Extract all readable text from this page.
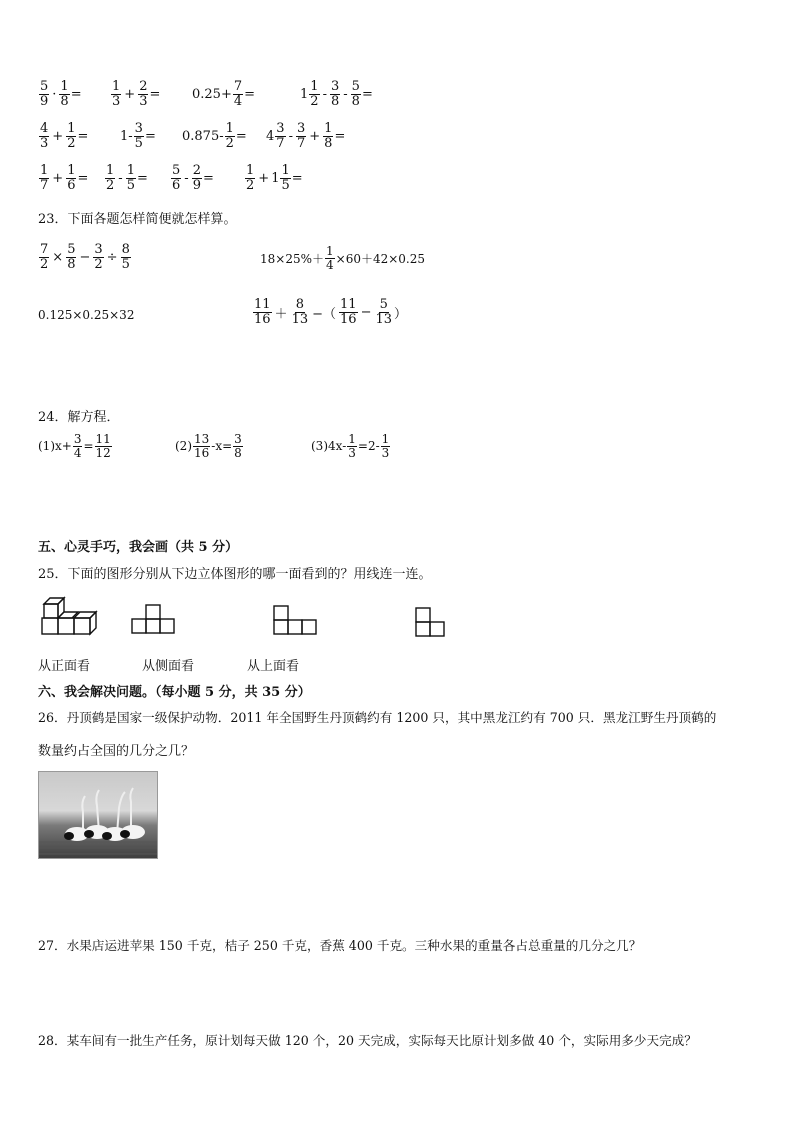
$\frac{5}{9} \cdot \frac{1}{8} = \frac{1}{3} + \frac{2}{3} = 0.25+ \frac{7}{4}$ =	$1 \frac{1}{2} - \frac{3}{8} - \frac{5}{8}$ =
$\frac{4}{3} + \frac{1}{2} = 1- \frac{3}{5} = 0.875- \frac{1}{2} = 4 \frac{3}{7} - \frac{3}{7} + \frac{1}{8}$ =
$\frac{1}{7} + \frac{1}{6} = \frac{1}{2} - \frac{1}{5} = \frac{5}{6} - \frac{2}{9} = \frac{1}{2} + 1 \frac{1}{5}$ =
23．下面各题怎样简便就怎样算。
$\frac{7}{2} \times \frac{5}{8} - \frac{3}{2} \div \frac{8}{5}$	$18\times 25\%+ \frac{1}{4} \times 60+42\times 0.25$
0.125×0.25×32	$\frac{11}{16} + \frac{8}{13}$ −（ $\frac{11}{16} - \frac{5}{13}$ ）
24．解方程．
$(1)x+ \frac{3}{4} = \frac{11}{12}$	$(2) \frac{13}{16} -x= \frac{3}{8}$	$(3)4x- \frac{1}{3} =2- \frac{1}{3}$
五、心灵手巧，我会画（共 5 分）
25．下面的图形分别从下边立体图形的哪一面看到的？用线连一连。
从正面看	从侧面看	从上面看
六、我会解决问题。（每小题 5 分，共 35 分）
26．丹顶鹤是国家一级保护动物．2011 年全国野生丹顶鹤约有 1200 只，其中黑龙江约有 700 只．黑龙江野生丹顶鹤的
数量约占全国的几分之几？
27．水果店运进苹果 150 千克，桔子 250 千克，香蕉 400 千克。三种水果的重量各占总重量的几分之几？
28．某车间有一批生产任务，原计划每天做 120 个，20 天完成，实际每天比原计划多做 40 个，实际用多少天完成？
